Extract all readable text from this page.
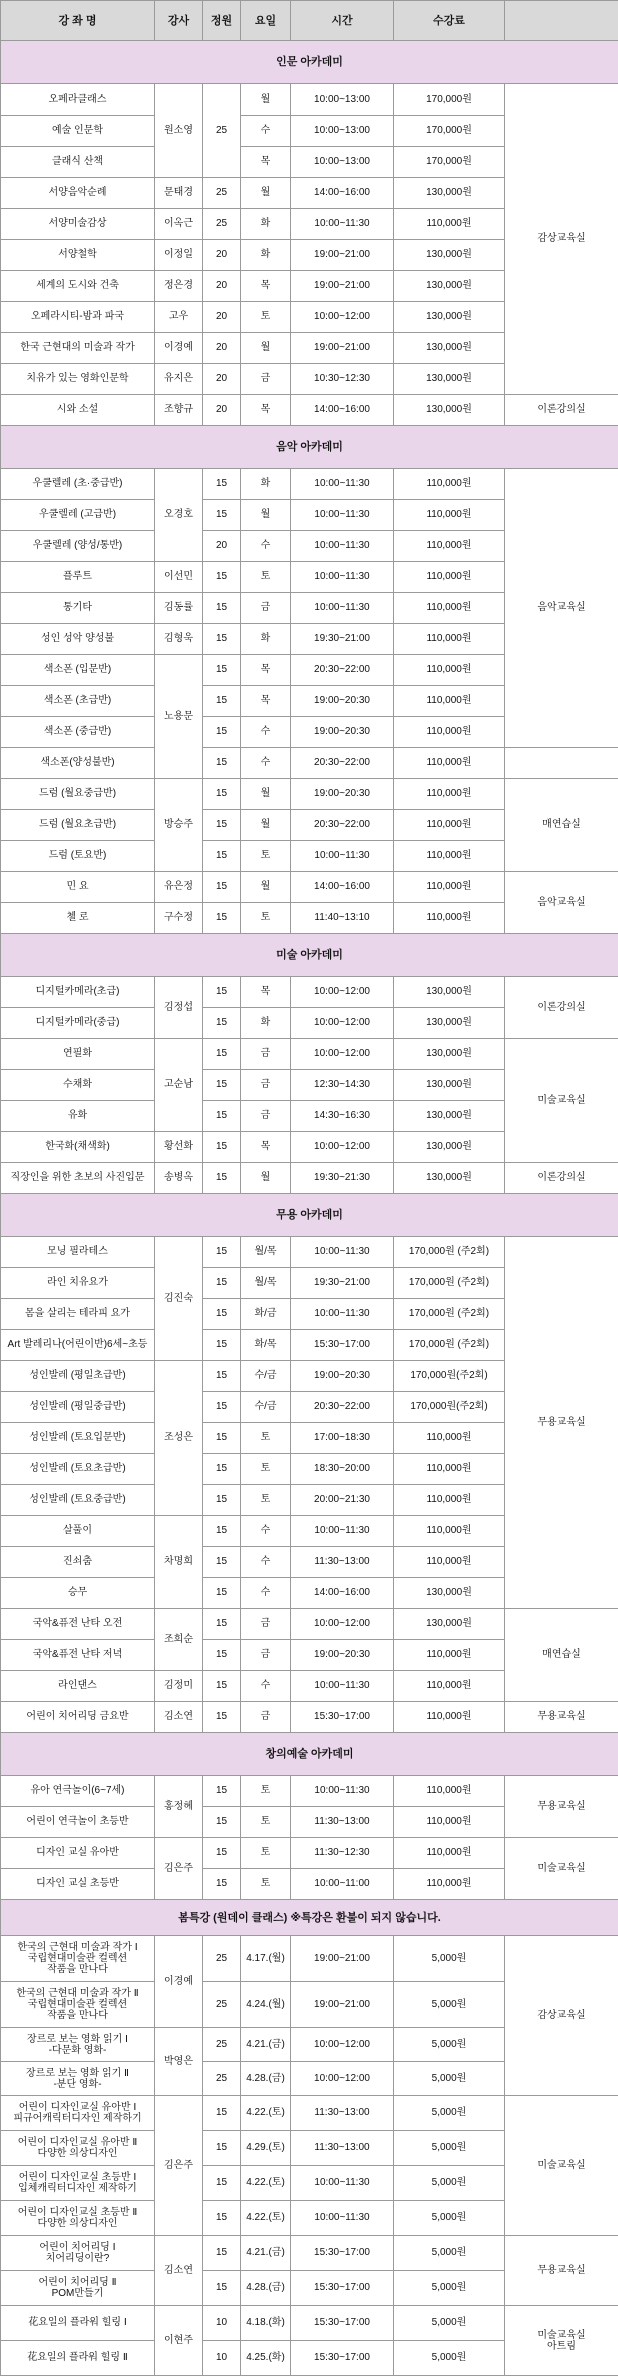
강 좌 명	강사	정원	요일	시간	수강료	
인문 아카데미						
오페라클래스	원소영	25	월	10:00~13:00	170,000원	감상교육실
예술 인문학			수	10:00~13:00	170,000원	
클래식 산책			목	10:00~13:00	170,000원	
서양음악순례	문태경	25	월	14:00~16:00	130,000원	
서양미술감상	이옥근	25	화	10:00~11:30	110,000원	
서양철학	이정일	20	화	19:00~21:00	130,000원	
세계의 도시와 건축	정은경	20	목	19:00~21:00	130,000원	
오페라시티-밤과 파국	고우	20	토	10:00~12:00	130,000원	
한국 근현대의 미술과 작가	이경예	20	월	19:00~21:00	130,000원	
치유가 있는 영화인문학	유지은	20	금	10:30~12:30	130,000원	
시와 소설	조향규	20	목	14:00~16:00	130,000원	이론강의실
음악 아카데미						
우쿨렐레 (초·중급반)	오경호	15	화	10:00~11:30	110,000원	음악교육실
우쿨렐레 (고급반)		15	월	10:00~11:30	110,000원	
우쿨렐레 (양성/통반)		20	수	10:00~11:30	110,000원	
플루트	이선민	15	토	10:00~11:30	110,000원	
통기타	김동률	15	금	10:00~11:30	110,000원	
성인 성악 양성불	김형욱	15	화	19:30~21:00	110,000원	
색소폰 (입문반)	노용문	15	목	20:30~22:00	110,000원	
색소폰 (초급반)		15	목	19:00~20:30	110,000원	
색소폰 (중급반)		15	수	19:00~20:30	110,000원	
색소폰(양성불반)		15	수	20:30~22:00	110,000원	
드럼 (월요중급반)	방승주	15	월	19:00~20:30	110,000원	매연습실
드럼 (월요초급반)		15	월	20:30~22:00	110,000원	
드럼 (토요반)		15	토	10:00~11:30	110,000원	
민 요	유은정	15	월	14:00~16:00	110,000원	음악교육실
첼 로	구수정	15	토	11:40~13:10	110,000원	
미술 아카데미						
디지털카메라(초급)	김정섭	15	목	10:00~12:00	130,000원	이론강의실
디지털카메라(중급)		15	화	10:00~12:00	130,000원	
연필화	고순남	15	금	10:00~12:00	130,000원	미술교육실
수채화		15	금	12:30~14:30	130,000원	
유화		15	금	14:30~16:30	130,000원	
한국화(채색화)	황선화	15	목	10:00~12:00	130,000원	
직장인을 위한 초보의 사진입문	송병옥	15	월	19:30~21:30	130,000원	이론강의실
무용 아카데미						
모닝 필라테스	김진숙	15	월/목	10:00~11:30	170,000원 (주2회)	무용교육실
라인 치유요가		15	월/목	19:30~21:00	170,000원 (주2회)	
몸을 살리는 테라피 요가		15	화/금	10:00~11:30	170,000원 (주2회)	
Art 발레리나(어린이반)6세~초등		15	화/목	15:30~17:00	170,000원 (주2회)	
성인발레 (평일초급반)	조성은	15	수/금	19:00~20:30	170,000원(주2회)	
성인발레 (평일중급반)		15	수/금	20:30~22:00	170,000원(주2회)	
성인발레 (토요입문반)		15	토	17:00~18:30	110,000원	
성인발레 (토요초급반)		15	토	18:30~20:00	110,000원	
성인발레 (토요중급반)		15	토	20:00~21:30	110,000원	
살풀이	차명희	15	수	10:00~11:30	110,000원	
진쇠춤		15	수	11:30~13:00	110,000원	
승무		15	수	14:00~16:00	130,000원	
국악&퓨전 난타 오전	조희순	15	금	10:00~12:00	130,000원	매연습실
국악&퓨전 난타 저녁		15	금	19:00~20:30	110,000원	
라인댄스	김정미	15	수	10:00~11:30	110,000원	
어린이 치어리딩 금요반	김소연	15	금	15:30~17:00	110,000원	무용교육실
창의예술 아카데미						
유아 연극놀이(6~7세)	홍정혜	15	토	10:00~11:30	110,000원	무용교육실
어린이 연극놀이 초등반		15	토	11:30~13:00	110,000원	
디자인 교실 유아반	김은주	15	토	11:30~12:30	110,000원	미술교육실
디자인 교실 초등반		15	토	10:00~11:00	110,000원	
봄특강 (원데이 클래스) ※특강은 환불이 되지 않습니다.						
한국의 근현대 미술과 작가 Ⅰ
국립현대미술관 컬렉션
작품을 만나다	이경예	25	4.17.(월)	19:00~21:00	5,000원	감상교육실
한국의 근현대 미술과 작가 Ⅱ
국립현대미술관 컬렉션
작품을 만나다		25	4.24.(월)	19:00~21:00	5,000원	
장르로 보는 영화 읽기 Ⅰ
-다문화 영화-	박영은	25	4.21.(금)	10:00~12:00	5,000원	
장르로 보는 영화 읽기 Ⅱ
-분단 영화-		25	4.28.(금)	10:00~12:00	5,000원	
어린이 디자인교실 유아반 Ⅰ
피규어캐릭터디자인 제작하기	김은주	15	4.22.(토)	11:30~13:00	5,000원	미술교육실
어린이 디자인교실 유아반 Ⅱ
다양한 의상디자인		15	4.29.(토)	11:30~13:00	5,000원	
어린이 디자인교실 초등반 Ⅰ
입체캐릭터디자인 제작하기		15	4.22.(토)	10:00~11:30	5,000원	
어린이 디자인교실 초등반 Ⅱ
다양한 의상디자인		15	4.22.(토)	10:00~11:30	5,000원	
어린이 치어리딩 Ⅰ
치어리딩이란?	김소연	15	4.21.(금)	15:30~17:00	5,000원	무용교육실
어린이 치어리딩 Ⅱ
POM만들기		15	4.28.(금)	15:30~17:00	5,000원	
花요일의 플라워 힐링 Ⅰ	이현주	10	4.18.(화)	15:30~17:00	5,000원	미술교육실
아트림
花요일의 플라워 힐링 Ⅱ		10	4.25.(화)	15:30~17:00	5,000원	
